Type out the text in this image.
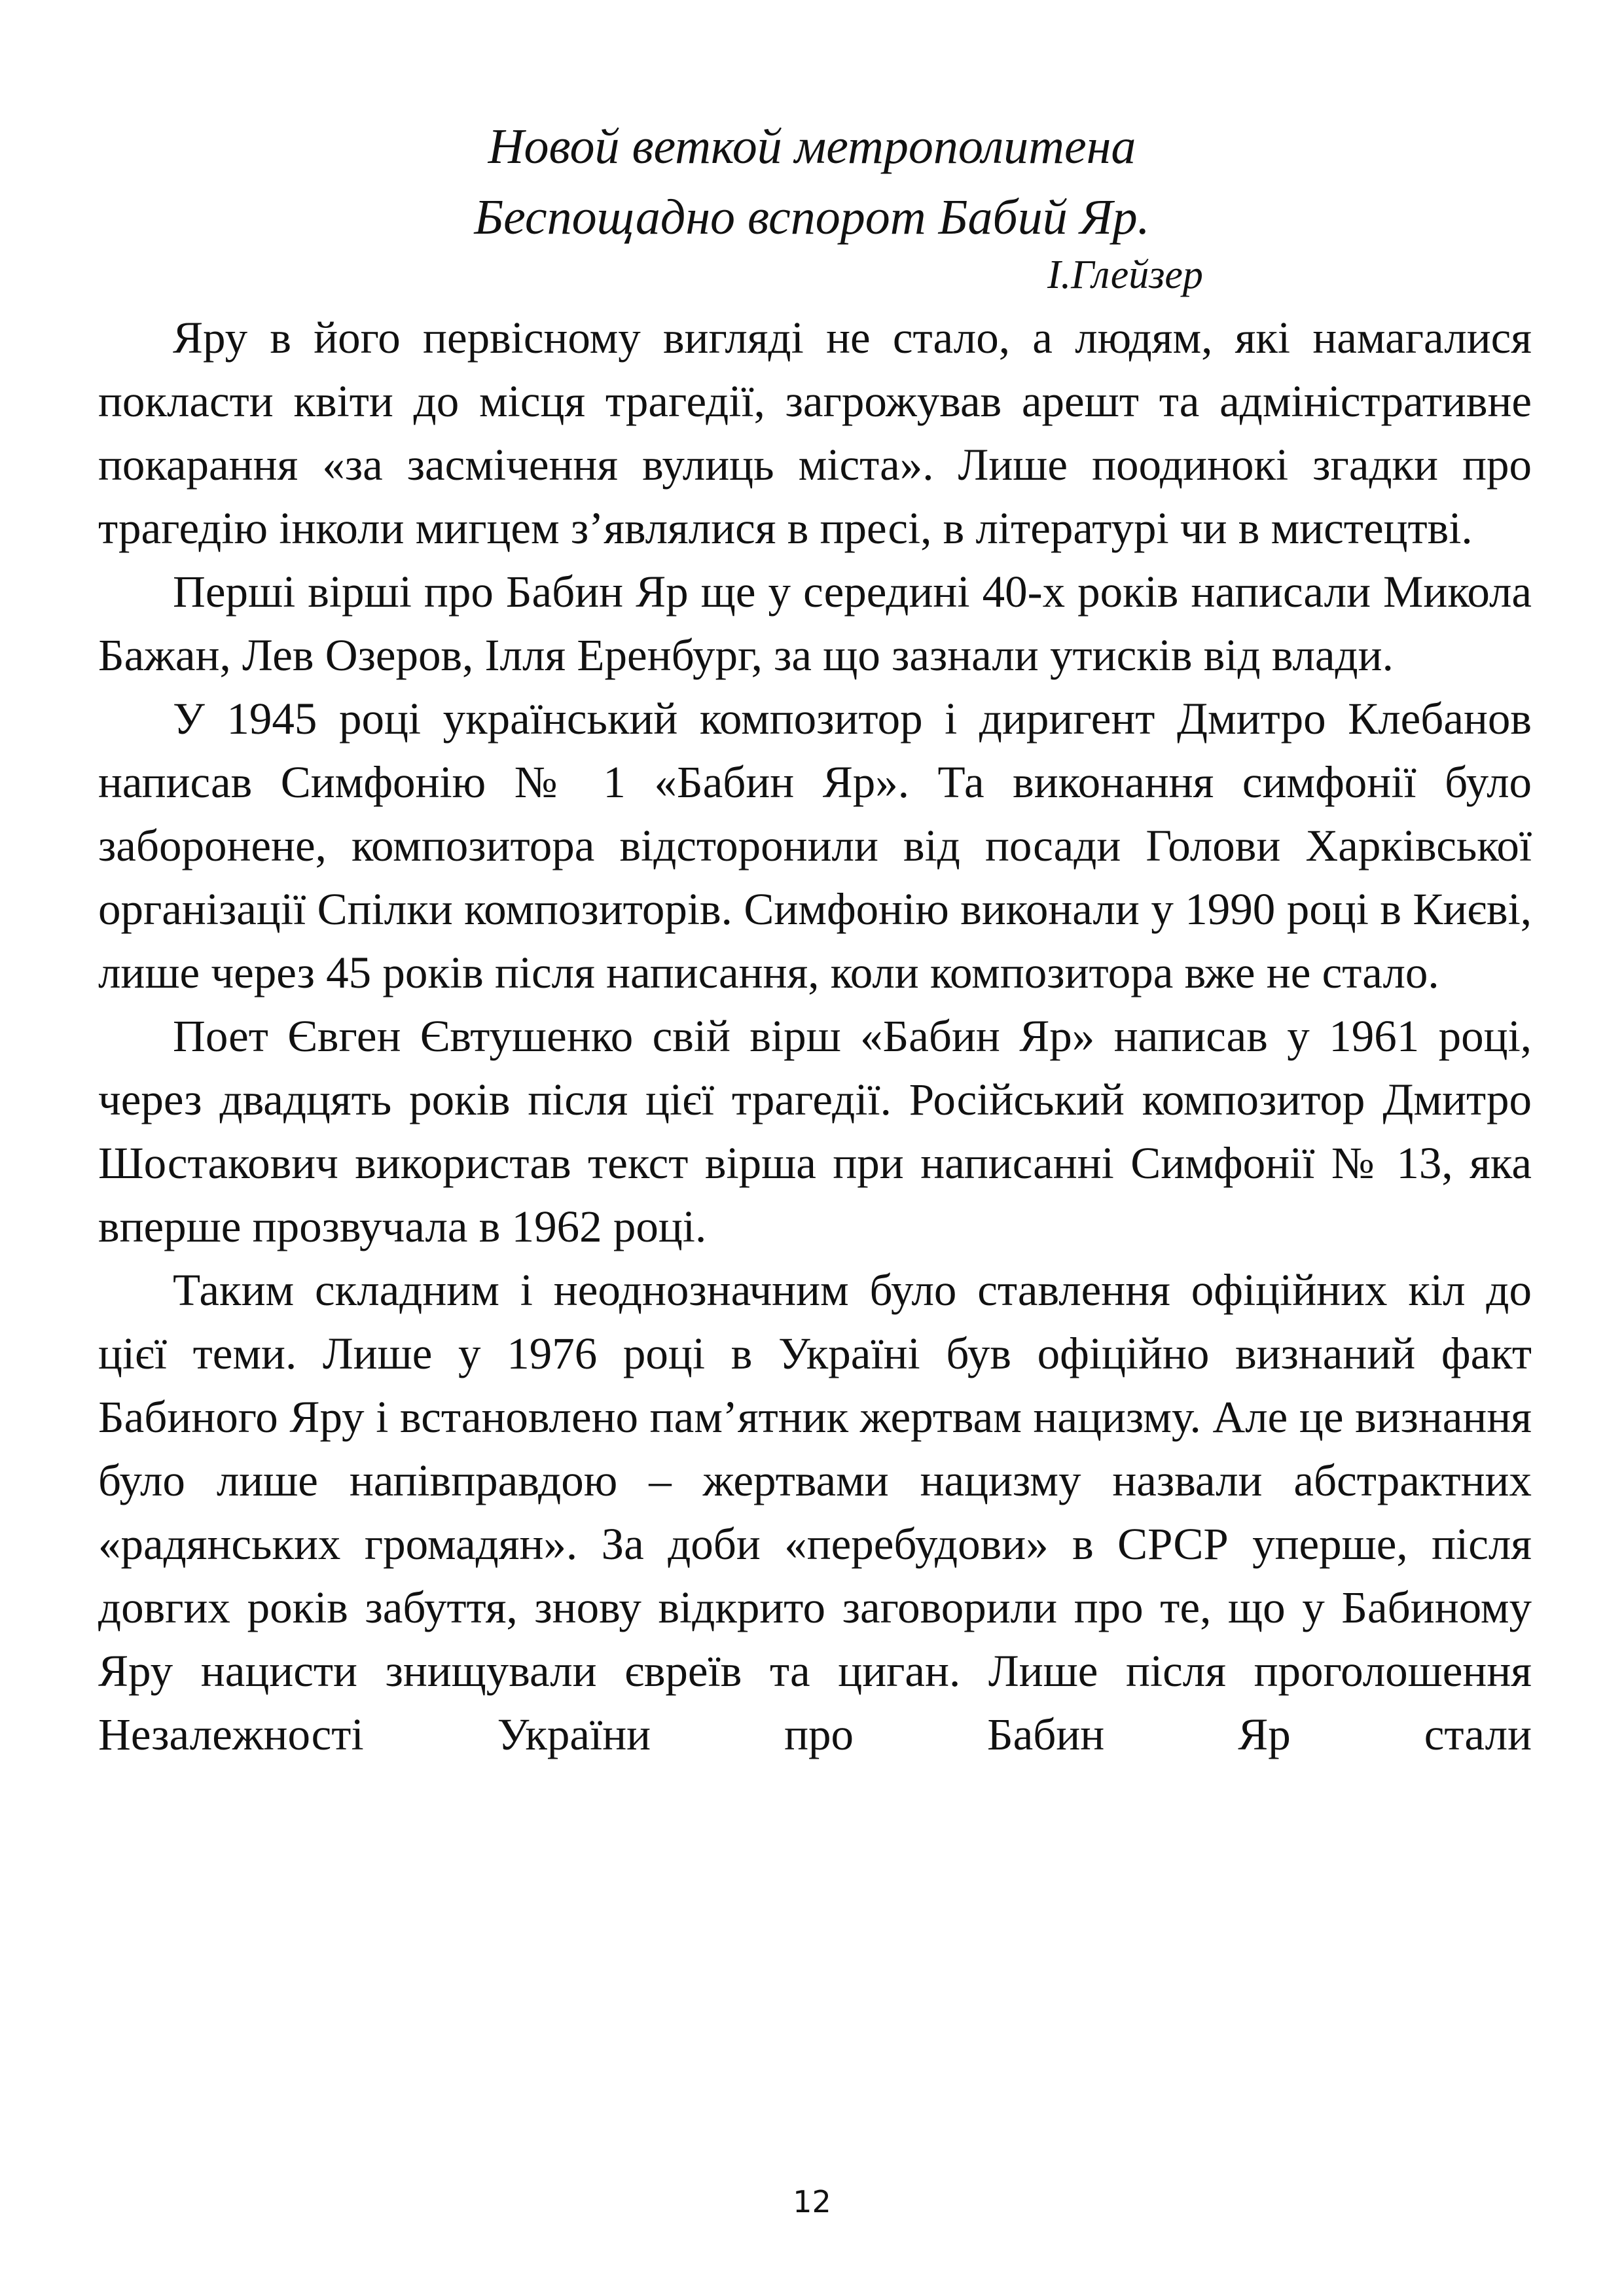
Новой веткой метрополитена
Беспощадно вспорот Бабий Яр.
І.Глейзер

Яру в його первісному вигляді не стало, а людям, які намагалися покласти квіти до місця трагедії, загрожував арешт та адміністративне покарання «за засмічення вулиць міста». Лише поодинокі згадки про трагедію інколи мигцем з’являлися в пресі, в літературі чи в мистецтві.

Перші вірші про Бабин Яр ще у середині 40-х років написали Микола Бажан, Лев Озеров, Ілля Еренбург, за що зазнали утисків від влади.

У 1945 році український композитор і диригент Дмитро Клебанов написав Симфонію № 1 «Бабин Яр». Та виконання симфонії було заборонене, композитора відсторонили від посади Голови Харківської організації Спілки композиторів. Симфонію виконали у 1990 році в Києві, лише через 45 років після написання, коли композитора вже не стало.

Поет Євген Євтушенко свій вірш «Бабин Яр» написав у 1961 році, через двадцять років після цієї трагедії. Російський композитор Дмитро Шостакович використав текст вірша при написанні Симфонії № 13, яка вперше прозвучала в 1962 році.

Таким складним і неоднозначним було ставлення офіційних кіл до цієї теми. Лише у 1976 році в Україні був офіційно визнаний факт Бабиного Яру і встановлено пам’ятник жертвам нацизму. Але це визнання було лише напівправдою – жертвами нацизму назвали абстрактних «радянських громадян». За доби «перебудови» в СРСР уперше, після довгих років забуття, знову відкрито заговорили про те, що у Бабиному Яру нацисти знищували євреїв та циган. Лише після проголошення Незалежності України про Бабин Яр стали

12
